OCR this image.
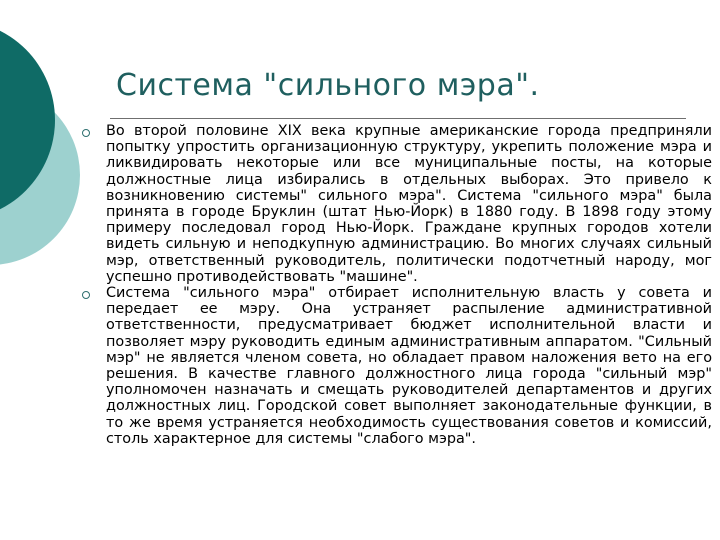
Система "сильного мэра".
Во второй половине XIX века крупные американские города предприняли попытку упростить организационную структуру, укрепить положение мэра и ликвидировать некоторые или все муниципальные посты, на которые должностные лица избирались в отдельных выборах. Это привело к возникновению системы" сильного мэра". Система "сильного мэра" была принята в городе Бруклин (штат Нью-Йорк) в 1880 году. В 1898 году этому примеру последовал город Нью-Йорк. Граждане крупных городов хотели видеть сильную и неподкупную администрацию. Во многих случаях сильный мэр, ответственный руководитель, политически подотчетный народу, мог успешно противодействовать "машине".
Система "сильного мэра" отбирает исполнительную власть у совета и передает ее мэру. Она устраняет распыление административной ответственности, предусматривает бюджет исполнительной власти и позволяет мэру руководить единым административным аппаратом. "Сильный мэр" не является членом совета, но обладает правом наложения вето на его решения. В качестве главного должностного лица города "сильный мэр" уполномочен назначать и смещать руководителей департаментов и других должностных лиц. Городской совет выполняет законодательные функции, в то же время устраняется необходимость существования советов и комиссий, столь характерное для системы "слабого мэра".
